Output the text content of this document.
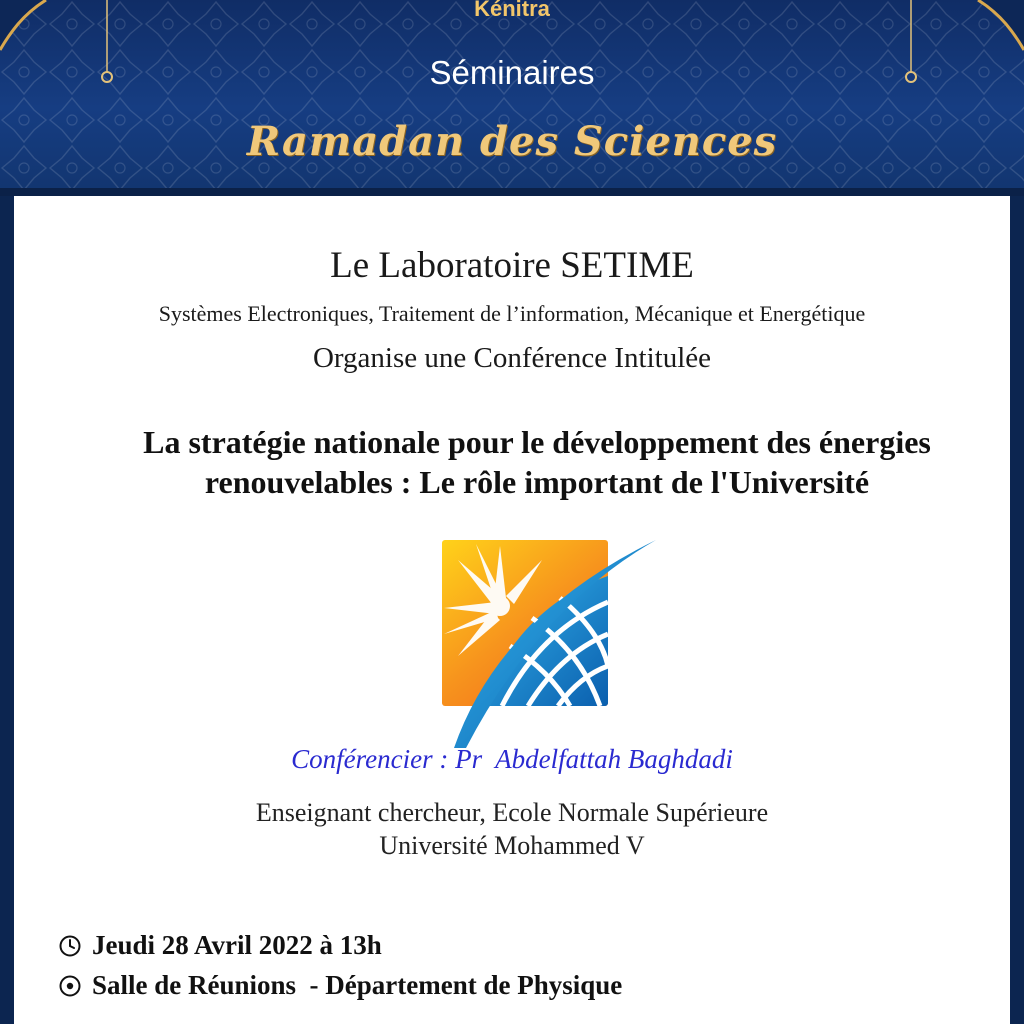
Kénitra
Séminaires
Ramadan des Sciences
Le Laboratoire SETIME
Systèmes Electroniques, Traitement de l’information, Mécanique et Energétique
Organise une Conférence Intitulée
La stratégie nationale pour le développement des énergies renouvelables : Le rôle important de l'Université
Conférencier : Pr  Abdelfattah Baghdadi
Enseignant chercheur, Ecole Normale Supérieure
Université Mohammed V
Jeudi 28 Avril 2022 à 13h
Salle de Réunions  - Département de Physique
